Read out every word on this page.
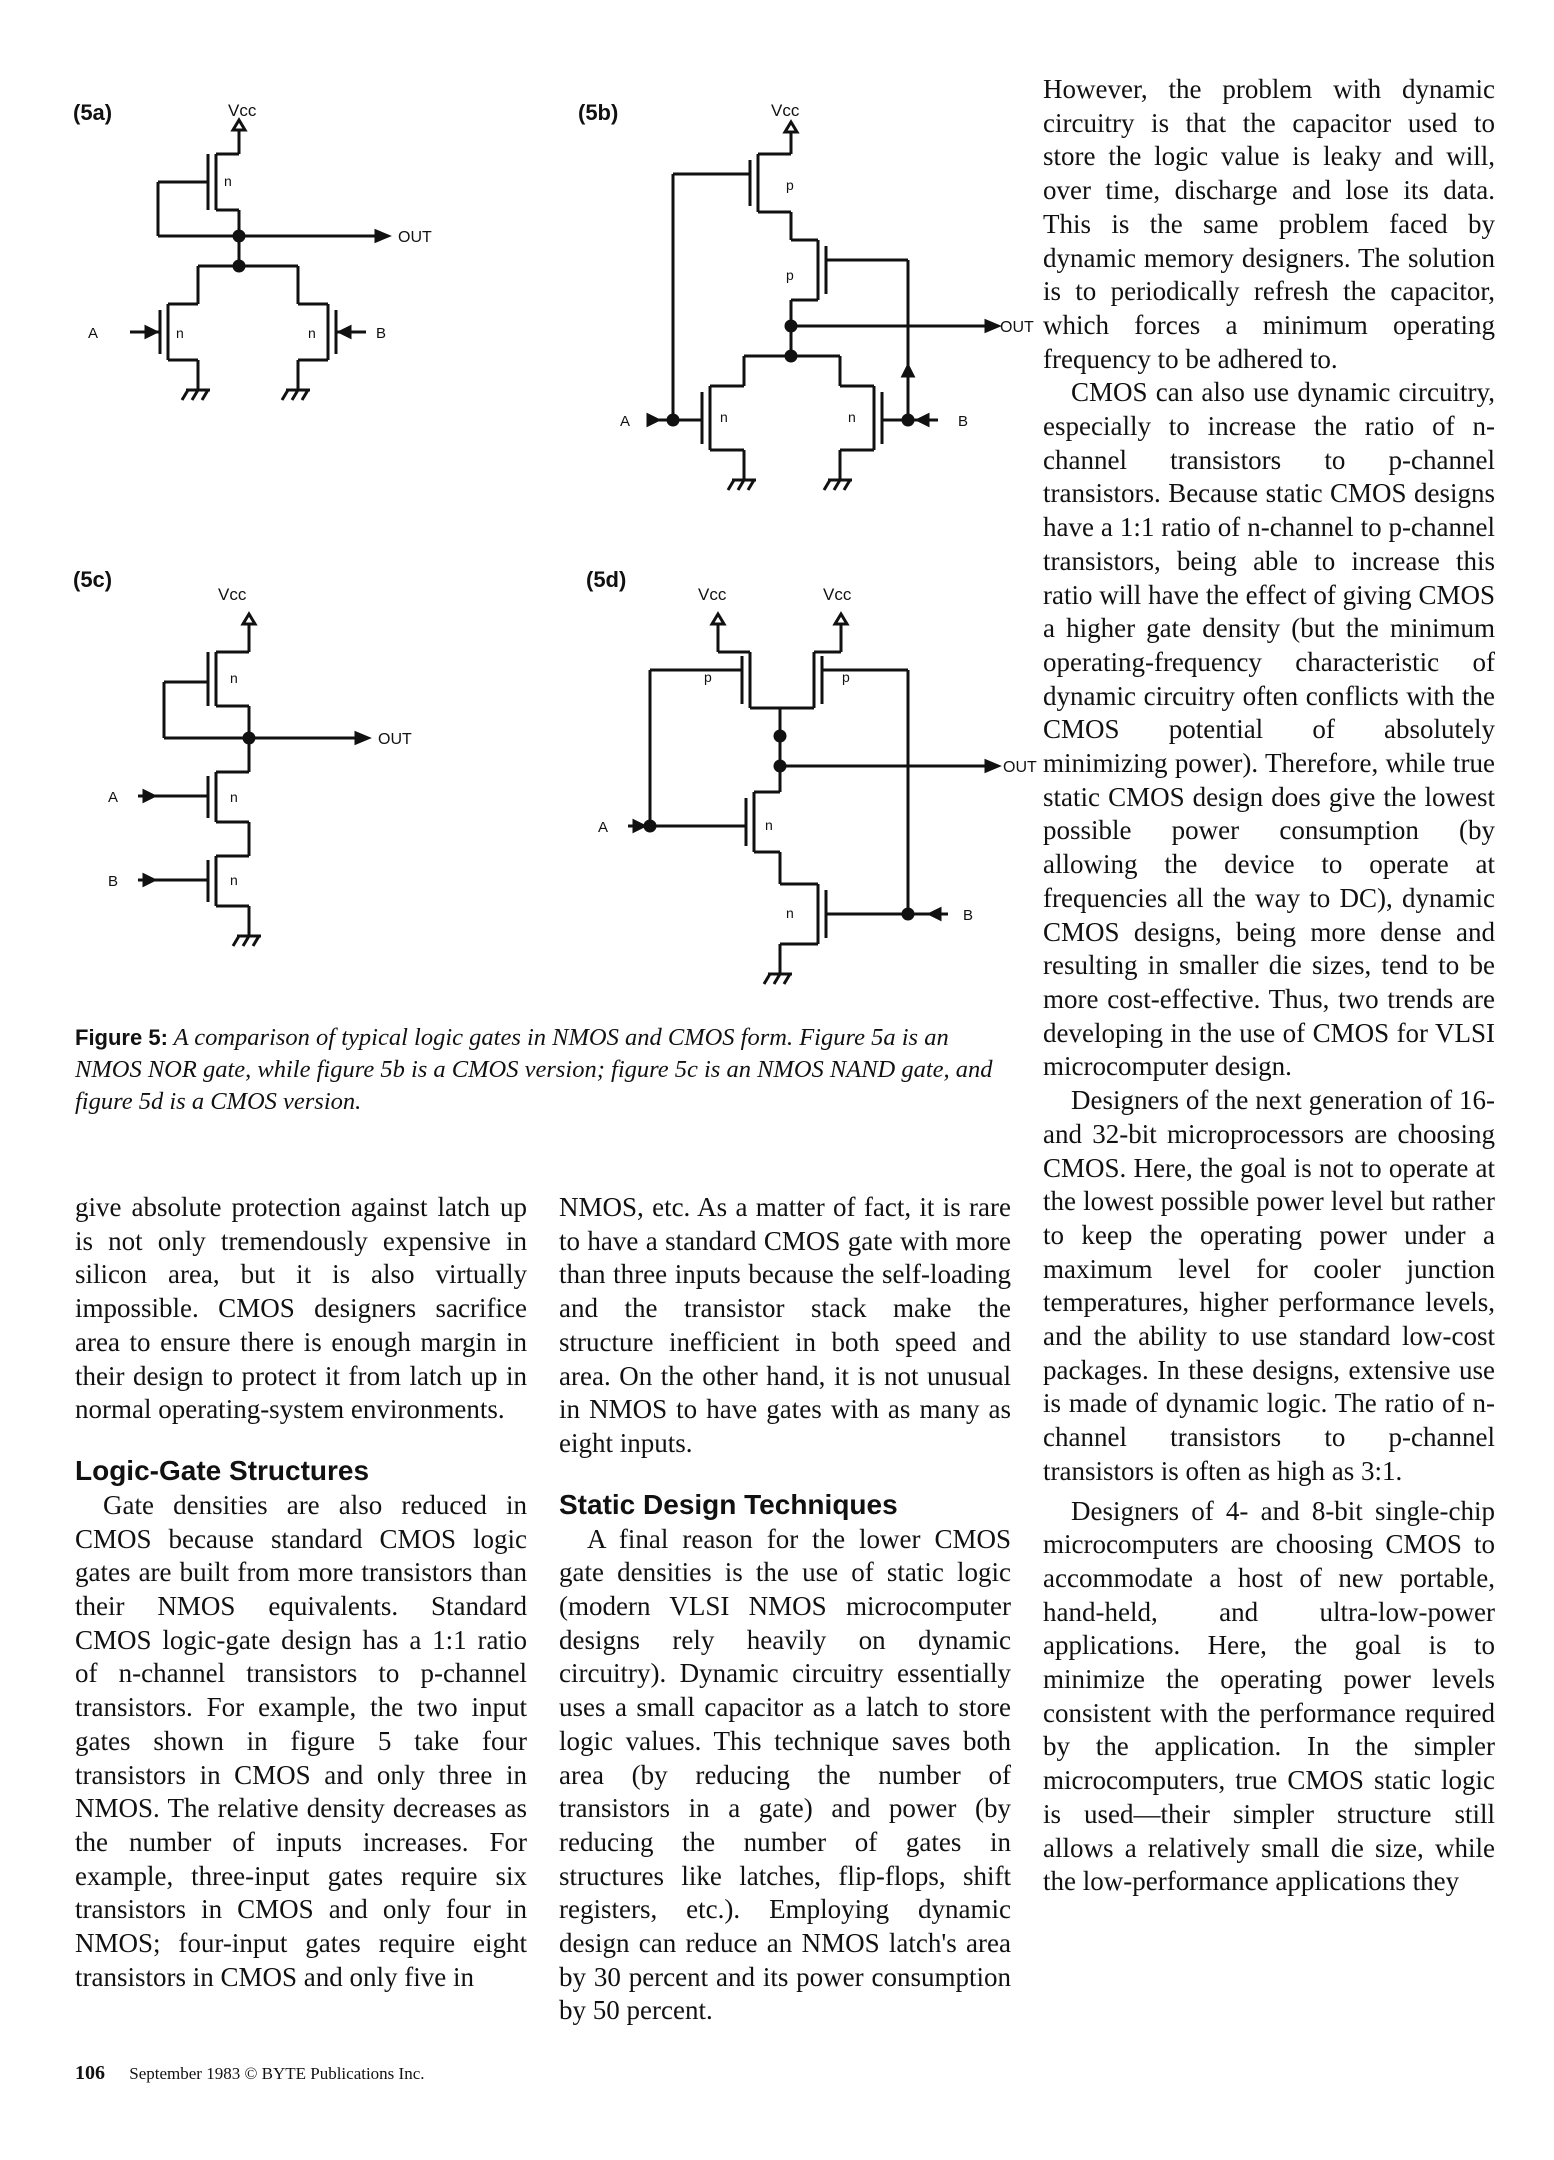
(5a)	(5b)
(5c)	(5d)
Vcc
n
OUT
A	n	B
n
Vcc
p
p
OUT
n
A	n	B
Vcc
n
OUT
n
A
n
B
Vcc	Vcc
p	p
OUT
n
A
n	B
Figure 5: A comparison of typical logic gates in NMOS and CMOS form. Figure 5a is an NMOS NOR gate, while figure 5b is a CMOS version; figure 5c is an NMOS NAND gate, and figure 5d is a CMOS version.

However, the problem with dynamic circuitry is that the capacitor used to store the logic value is leaky and will, over time, discharge and lose its data. This is the same problem faced by dynamic memory designers. The solution is to periodically refresh the capacitor, which forces a minimum operating frequency to be adhered to.

CMOS can also use dynamic circuitry, especially to increase the ratio of n-channel transistors to p-channel transistors. Because static CMOS designs have a 1:1 ratio of n-channel to p-channel transistors, being able to increase this ratio will have the effect of giving CMOS a higher gate density (but the minimum operating-frequency characteristic of dynamic circuitry often conflicts with the CMOS potential of absolutely minimizing power). Therefore, while true static CMOS design does give the lowest possible power consumption (by allowing the device to operate at frequencies all the way to DC), dynamic CMOS designs, being more dense and resulting in smaller die sizes, tend to be more cost-effective. Thus, two trends are developing in the use of CMOS for VLSI microcomputer design.

Designers of the next generation of 16- and 32-bit microprocessors are choosing CMOS. Here, the goal is not to operate at the lowest possible power level but rather to keep the operating power under a maximum level for cooler junction temperatures, higher performance levels, and the ability to use standard low-cost packages. In these designs, extensive use is made of dynamic logic. The ratio of n-channel transistors to p-channel transistors is often as high as 3:1.

Designers of 4- and 8-bit single-chip microcomputers are choosing CMOS to accommodate a host of new portable, hand-held, and ultra-low-power applications. Here, the goal is to minimize the operating power levels consistent with the performance required by the application. In the simpler microcomputers, true CMOS static logic is used—their simpler structure still allows a relatively small die size, while the low-performance applications they

give absolute protection against latch up is not only tremendously expensive in silicon area, but it is also virtually impossible. CMOS designers sacrifice area to ensure there is enough margin in their design to protect it from latch up in normal operating-system environments.

Logic-Gate Structures

Gate densities are also reduced in CMOS because standard CMOS logic gates are built from more transistors than their NMOS equivalents. Standard CMOS logic-gate design has a 1:1 ratio of n-channel transistors to p-channel transistors. For example, the two input gates shown in figure 5 take four transistors in CMOS and only three in NMOS. The relative density decreases as the number of inputs increases. For example, three-input gates require six transistors in CMOS and only four in NMOS; four-input gates require eight transistors in CMOS and only five in

NMOS, etc. As a matter of fact, it is rare to have a standard CMOS gate with more than three inputs because the self-loading and the transistor stack make the structure inefficient in both speed and area. On the other hand, it is not unusual in NMOS to have gates with as many as eight inputs.

Static Design Techniques

A final reason for the lower CMOS gate densities is the use of static logic (modern VLSI NMOS microcomputer designs rely heavily on dynamic circuitry). Dynamic circuitry essentially uses a small capacitor as a latch to store logic values. This technique saves both area (by reducing the number of transistors in a gate) and power (by reducing the number of gates in structures like latches, flip-flops, shift registers, etc.). Employing dynamic design can reduce an NMOS latch's area by 30 percent and its power consumption by 50 percent.

106 September 1983 © BYTE Publications Inc.
